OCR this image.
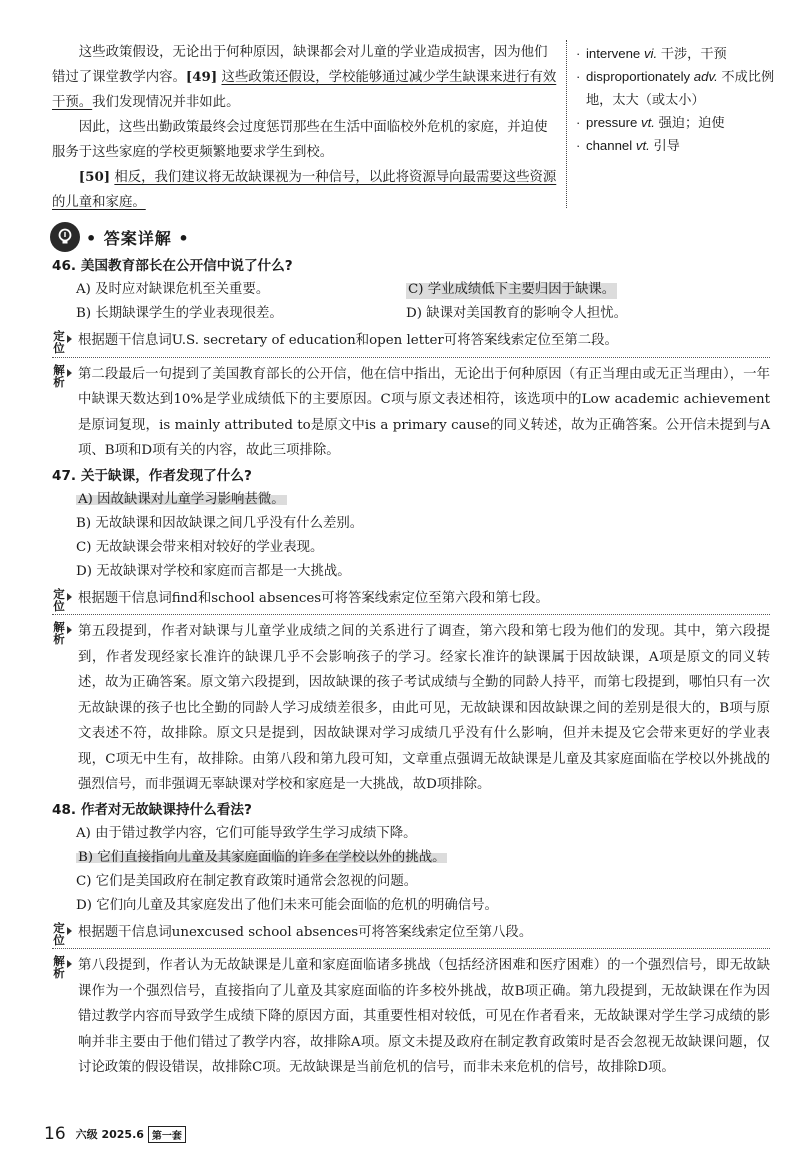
这些政策假设，无论出于何种原因，缺课都会对儿童的学业造成损害，因为他们错过了课堂教学内容。[49] 这些政策还假设，学校能够通过减少学生缺课来进行有效干预。我们发现情况并非如此。

因此，这些出勤政策最终会过度惩罚那些在生活中面临校外危机的家庭，并迫使服务于这些家庭的学校更频繁地要求学生到校。

[50] 相反，我们建议将无故缺课视为一种信号，以此将资源导向最需要这些资源的儿童和家庭。

· intervene vi. 干涉，干预
· disproportionately adv. 不成比例地，太大（或太小）
· pressure vt. 强迫；迫使
· channel vt. 引导
• 答案详解 •

46. 美国教育部长在公开信中说了什么?

A) 及时应对缺课危机至关重要。	C) 学业成绩低下主要归因于缺课。
B) 长期缺课学生的学业表现很差。	D) 缺课对美国教育的影响令人担忧。
定位 根据题干信息词U.S. secretary of education和open letter可将答案线索定位至第二段。
解析 第二段最后一句提到了美国教育部长的公开信，他在信中指出，无论出于何种原因（有正当理由或无正当理由），一年中缺课天数达到10%是学业成绩低下的主要原因。C项与原文表述相符，该选项中的Low academic achievement是原词复现，is mainly attributed to是原文中is a primary cause的同义转述，故为正确答案。公开信未提到与A项、B项和D项有关的内容，故此三项排除。

47. 关于缺课，作者发现了什么?

A) 因故缺课对儿童学习影响甚微。
B) 无故缺课和因故缺课之间几乎没有什么差别。
C) 无故缺课会带来相对较好的学业表现。
D) 无故缺课对学校和家庭而言都是一大挑战。
定位 根据题干信息词find和school absences可将答案线索定位至第六段和第七段。
解析 第五段提到，作者对缺课与儿童学业成绩之间的关系进行了调查，第六段和第七段为他们的发现。其中，第六段提到，作者发现经家长准许的缺课几乎不会影响孩子的学习。经家长准许的缺课属于因故缺课，A项是原文的同义转述，故为正确答案。原文第六段提到，因故缺课的孩子考试成绩与全勤的同龄人持平，而第七段提到，哪怕只有一次无故缺课的孩子也比全勤的同龄人学习成绩差很多，由此可见，无故缺课和因故缺课之间的差别是很大的，B项与原文表述不符，故排除。原文只是提到，因故缺课对学习成绩几乎没有什么影响，但并未提及它会带来更好的学业表现，C项无中生有，故排除。由第八段和第九段可知，文章重点强调无故缺课是儿童及其家庭面临在学校以外挑战的强烈信号，而非强调无辜缺课对学校和家庭是一大挑战，故D项排除。

48. 作者对无故缺课持什么看法?

A) 由于错过教学内容，它们可能导致学生学习成绩下降。
B) 它们直接指向儿童及其家庭面临的许多在学校以外的挑战。
C) 它们是美国政府在制定教育政策时通常会忽视的问题。
D) 它们向儿童及其家庭发出了他们未来可能会面临的危机的明确信号。
定位 根据题干信息词unexcused school absences可将答案线索定位至第八段。
解析 第八段提到，作者认为无故缺课是儿童和家庭面临诸多挑战（包括经济困难和医疗困难）的一个强烈信号，即无故缺课作为一个强烈信号，直接指向了儿童及其家庭面临的许多校外挑战，故B项正确。第九段提到，无故缺课在作为因错过教学内容而导致学生成绩下降的原因方面，其重要性相对较低，可见在作者看来，无故缺课对学生学习成绩的影响并非主要由于他们错过了教学内容，故排除A项。原文未提及政府在制定教育政策时是否会忽视无故缺课问题，仅讨论政策的假设错误，故排除C项。无故缺课是当前危机的信号，而非未来危机的信号，故排除D项。
16 六级 2025.6 第一套
